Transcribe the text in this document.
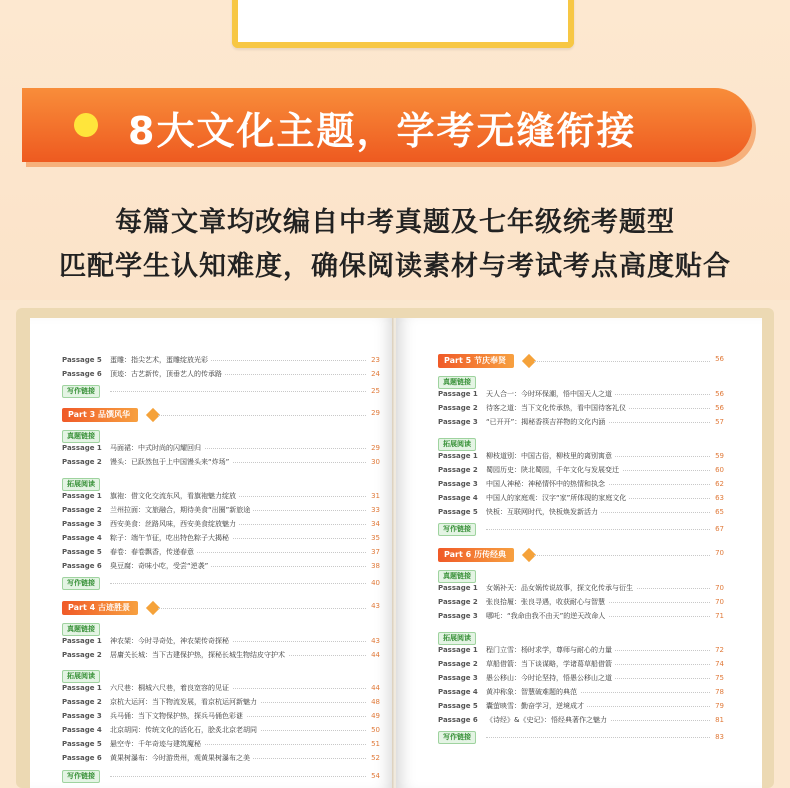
8大文化主题，学考无缝衔接
每篇文章均改编自中考真题及七年级统考题型
匹配学生认知难度，确保阅读素材与考试考点高度贴合
Passage 5 蛋雕：指尖艺术，蛋雕绽放光彩	23
Passage 6 顶迹：古艺新传，顶垂艺人的传承路	24
写作链接	25
Part 3 品馔风华	29
真题链接
Passage 1 马面裙：中式时尚的闪耀回归	29
Passage 2 馒头：已跃然包于上中国馒头来“炸场”	30
拓展阅读
Passage 1 旗袍：借文化交流东风，看旗袍魅力绽放	31
Passage 2 兰州拉面：文旅融合，期待美食“出圈”新旅途	33
Passage 3 西安美食：丝路风味，西安美食绽放魅力	34
Passage 4 粽子：端午节征，吃出特色粽子大揭秘	35
Passage 5 春卷：春卷飘香，传递春意	37
Passage 6 臭豆腐：奇味小吃，受尝“逆袭”	38
写作链接	40
Part 4 古迹胜景	43
真题链接
Passage 1 神农架：今时寻奇处，神农架传奇探秘	43
Passage 2 居庸关长城：当下古建保护热，探秘长城生物结皮守护术	44
拓展阅读
Passage 1 六尺巷：桐城六尺巷，着良宽容的见证	44
Passage 2 京杭大运河：当下物流发展，看京杭运河新魅力	48
Passage 3 兵马俑：当下文物保护热，探兵马俑色彩谜	49
Passage 4 北京胡同：传统文化的活化石，脍炙北京老胡同	50
Passage 5 悬空寺：千年奇迹与建筑魔秘	51
Passage 6 黄果树瀑布：今时游贵州，观黄果树瀑布之美	52
写作链接	54
Part 5 节庆奉贤	56
真题链接
Passage 1 天人合一：今时环保潮，悟中国天人之道	56
Passage 2 待客之道：当下文化传承热，看中国待客礼仪	56
Passage 3 “已开开”：揭秘香筷吉祥物的文化内涵	57
拓展阅读
Passage 1 柳枝道别：中国古俗，柳枝里的离别寓意	59
Passage 2 蜀园历史：陕北蜀园，千年文化与发展变迁	60
Passage 3 中国人神秘：神秘情怀中的热情和执念	62
Passage 4 中国人的家庭观：汉字“家”所体现的家庭文化	63
Passage 5 快板：互联网时代，快板焕发新活力	65
写作链接	67
Part 6 历传经典	70
真题链接
Passage 1 女娲补天：品女娲传说故事，探文化传承与衍生	70
Passage 2 张良拾履：张良寻遇，收获耐心与智慧	70
Passage 3 哪吒：“我命由我不由天”的逆天改命人	71
拓展阅读
Passage 1 程门立雪：杨时求学，尊师与耐心的力量	72
Passage 2 草船借箭：当下谈谋略，学诸葛草船借箭	74
Passage 3 愚公移山：今时论坚持，悟愚公移山之道	75
Passage 4 黄冲称象：智慧破难题的典范	78
Passage 5 囊萤映雪：勤奋学习，逆境成才	79
Passage 6 《诗经》&《史记》：悟经典著作之魅力	81
写作链接	83
